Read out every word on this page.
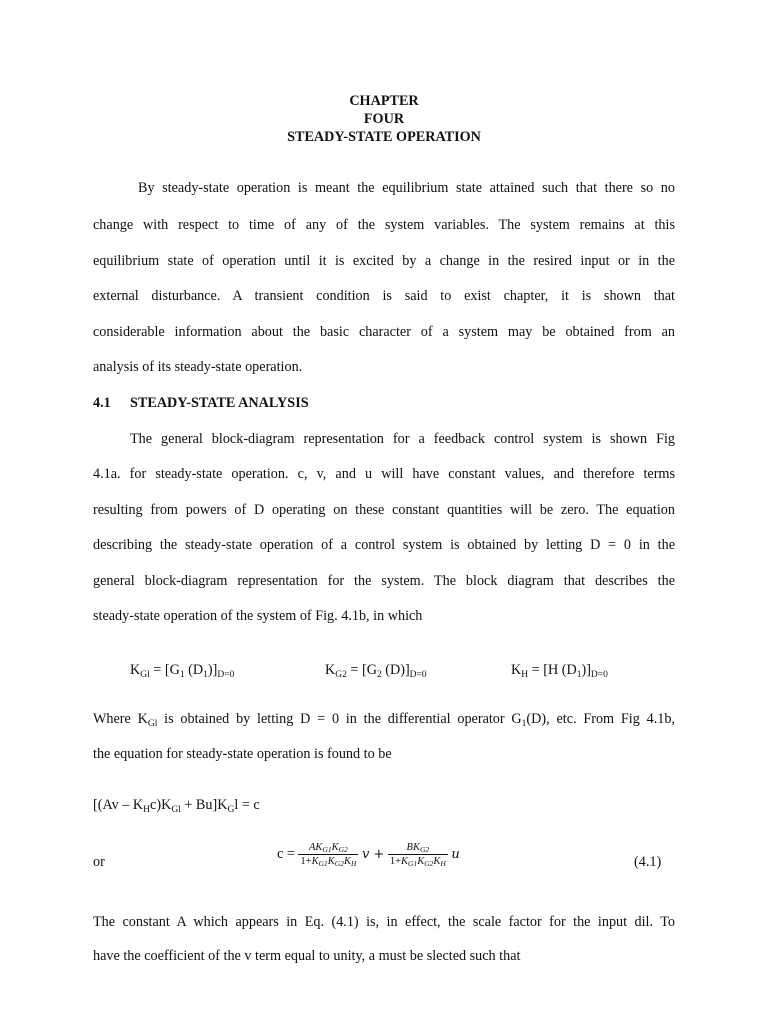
CHAPTER
FOUR
STEADY-STATE OPERATION
By steady-state operation is meant the equilibrium state attained such that there so no
change with respect to time of any of the system variables. The system remains at this
equilibrium state of operation until it is excited by a change in the resired input or in the
external disturbance. A transient condition is said to exist chapter, it is shown that
considerable information about the basic character of a system may be obtained from an
analysis of its steady-state operation.
4.1 STEADY-STATE ANALYSIS
The general block-diagram representation for a feedback control system is shown Fig
4.1a. for steady-state operation. c, v, and u will have constant values, and therefore terms
resulting from powers of D operating on these constant quantities will be zero. The equation
describing the steady-state operation of a control system is obtained by letting D = 0 in the
general block-diagram representation for the system. The block diagram that describes the
steady-state operation of the system of Fig. 4.1b, in which
$K_{Gl} = [G_1$ $(D_1)]_{D=0}$	$K_{G2} = [G_2$ $(D)]_{D=0}$	$K_H = [H$ $(D_1)]_{D=0}$
Where $K_{Gl}$ is obtained by letting D = 0 in the differential operator $G_1(D)$, etc. From Fig 4.1b,
the equation for steady-state operation is found to be
$[(Av - K_Hc)K_{Gl} + Bu]K_Gl = c$
or
$c = \frac{AK_{G1}K_{G2}}{1+K_{G1}K_{G2}K_H}$ $v + \frac{BK_{G2}}{1+K_{G1}K_{G2}K_H}$ u	(4.1)
The constant A which appears in Eq. (4.1) is, in effect, the scale factor for the input dil. To
have the coefficient of the v term equal to unity, a must be slected such that
